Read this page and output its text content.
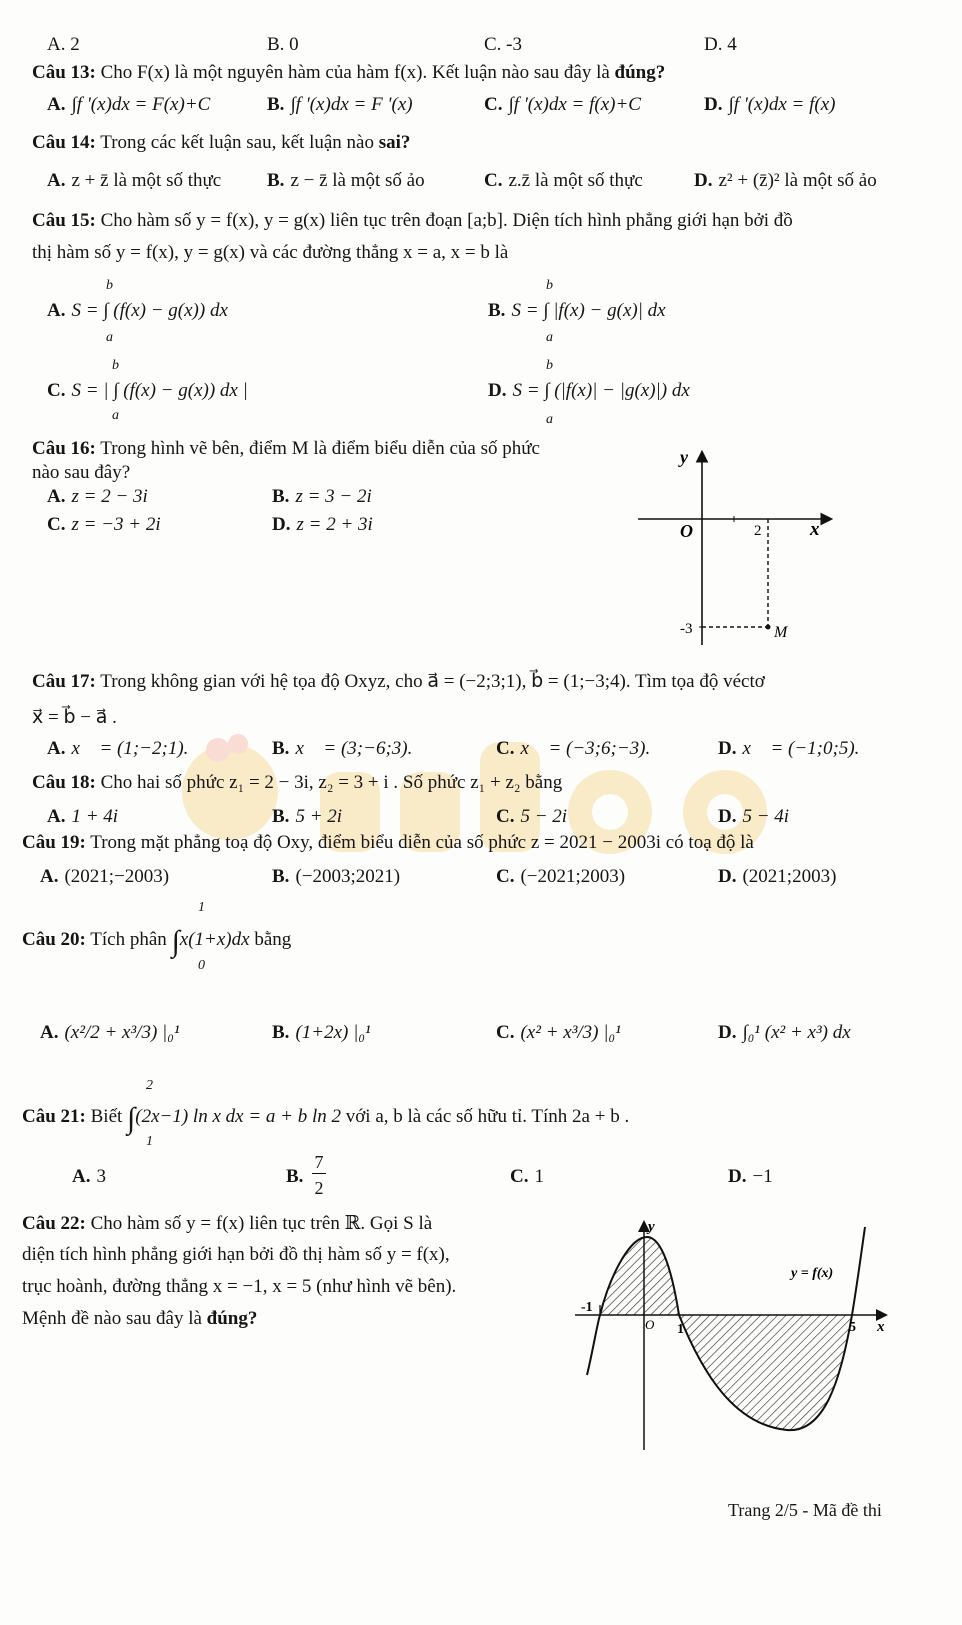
A. 2	B. 0	C. -3	D. 4
Câu 13: Cho F(x) là một nguyên hàm của hàm f(x). Kết luận nào sau đây là đúng?
A. ∫f '(x)dx = F(x)+C	B. ∫f '(x)dx = F '(x)	C. ∫f '(x)dx = f(x)+C	D. ∫f '(x)dx = f(x)
Câu 14: Trong các kết luận sau, kết luận nào sai?
A. z + z̄ là một số thực B. z − z̄ là một số ảo	C. z.z̄ là một số thực	D. z² + (z̄)² là một số ảo
Câu 15: Cho hàm số y = f(x), y = g(x) liên tục trên đoạn [a;b]. Diện tích hình phẳng giới hạn bởi đồ
thị hàm số y = f(x), y = g(x) và các đường thẳng x = a, x = b là
A. S = ∫ (f(x) − g(x)) dx
b
a
B. S = ∫ |f(x) − g(x)| dx
b
a
C. S = | ∫ (f(x) − g(x)) dx |
b
a
D. S = ∫ (|f(x)| − |g(x)|) dx
b
a
Câu 16: Trong hình vẽ bên, điểm M là điểm biểu diễn của số phức
nào sau đây?
A. z = 2 − 3i	B. z = 3 − 2i
C. z = −3 + 2i	D. z = 2 + 3i
y
x
O	2
-3	M
Câu 17: Trong không gian với hệ tọa độ Oxyz, cho a⃗ = (−2;3;1), b⃗ = (1;−3;4). Tìm tọa độ véctơ
x⃗ = b⃗ − a⃗ .
A. x⃗ = (1;−2;1).	B. x⃗ = (3;−6;3).	C. x⃗ = (−3;6;−3).	D. x⃗ = (−1;0;5).
Câu 18: Cho hai số phức z₁ = 2 − 3i, z₂ = 3 + i . Số phức z₁ + z₂ bằng
A. 1 + 4i	B. 5 + 2i	C. 5 − 2i	D. 5 − 4i
Câu 19: Trong mặt phẳng toạ độ Oxy, điểm biểu diễn của số phức z = 2021 − 2003i có toạ độ là
A. (2021;−2003)	B. (−2003;2021)	C. (−2021;2003)	D. (2021;2003)
Câu 20: Tích phân ∫x(1+x)dx bằng
1
0
A. (x²/2 + x³/3) |₀¹	B. (1+2x) |₀¹	C. (x² + x³/3) |₀¹	D. ∫₀¹ (x² + x³) dx
Câu 21: Biết ∫(2x−1) ln x dx = a + b ln 2 với a, b là các số hữu tỉ. Tính 2a + b .
2
1
A. 3	B.
7
2
C. 1	D. −1
Câu 22: Cho hàm số y = f(x) liên tục trên ℝ. Gọi S là
diện tích hình phẳng giới hạn bởi đồ thị hàm số y = f(x),
trục hoành, đường thẳng x = −1, x = 5 (như hình vẽ bên).
Mệnh đề nào sau đây là đúng?
y
x
O
-1
1	5
y = f(x)
Trang 2/5 - Mã đề thi
